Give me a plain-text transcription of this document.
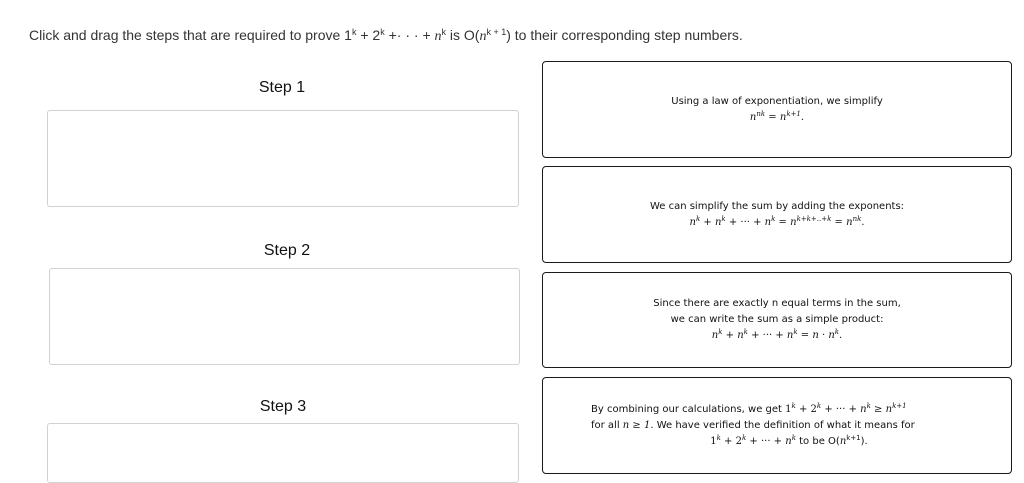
Click and drag the steps that are required to prove $1^k + 2^k$ +· · · + $n^k$ is $O(n^{k + 1})$ to their corresponding step numbers.
Step 1
Step 2
Step 3
Using a law of exponentiation, we simplify
$n^{nk} = n^{k+1}$.
We can simplify the sum by adding the exponents:
$n^k + n^k$ + ··· + $n^k = n^{k+k+..+k} = n^{nk}$.
Since there are exactly n equal terms in the sum,
we can write the sum as a simple product:
$n^k + n^k$ + ··· + $n^k = n \cdot n^k$.
By combining our calculations, we get $1^k + 2^k$ + ··· + $n^k \ge n^{k+1}$
for all n ≥ 1. We have verified the definition of what it means for
$1^k + 2^k$ + ··· + $n^k$ to be $O(n^{k+1})$.
